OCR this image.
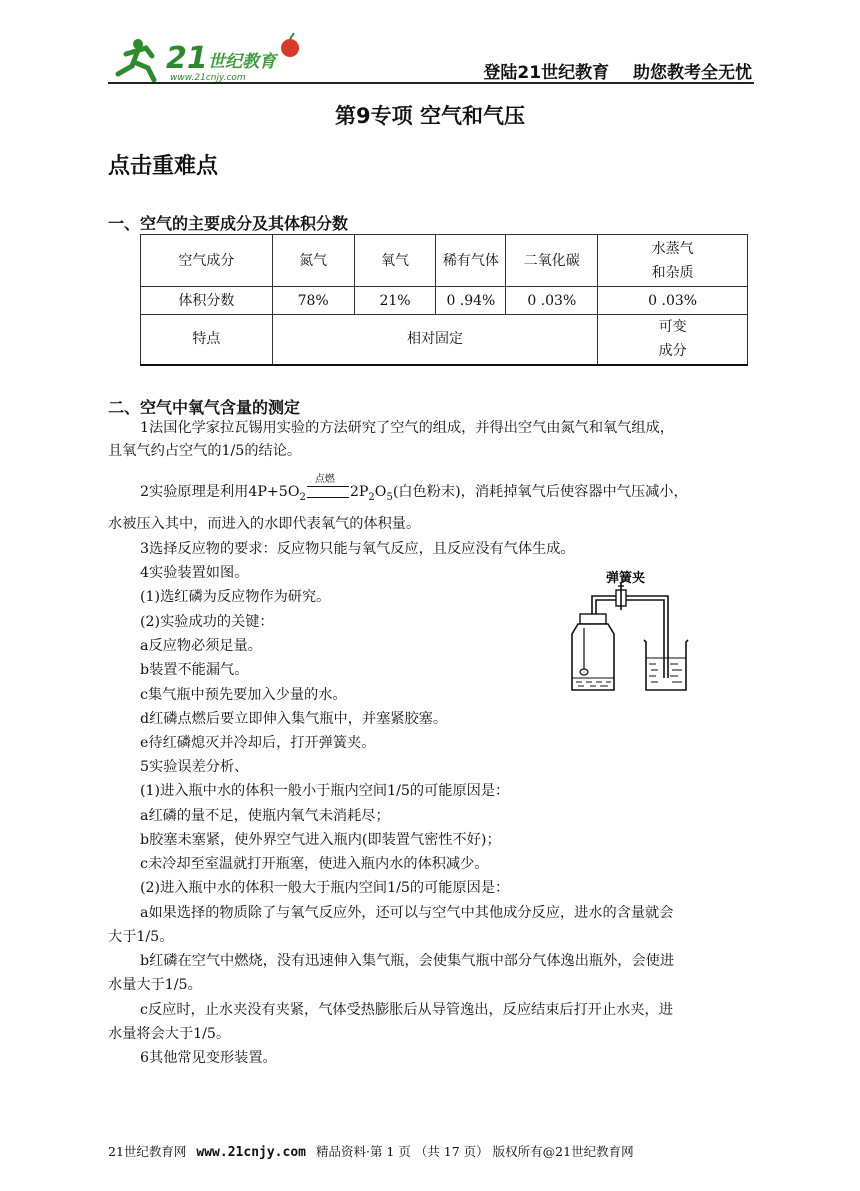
21 世纪教育
www.21cnjy.com	登陆21世纪教育 助您教考全无忧
第9专项 空气和气压
点击重难点
一、空气的主要成分及其体积分数
空气成分	氮气	氧气	稀有气体	二氧化碳	水蒸气
和杂质

体积分数	78%	21%	0 .94%	0 .03%	0 .03%
特点	相对固定				可变
成分
二、空气中氧气含量的测定
1法国化学家拉瓦锡用实验的方法研究了空气的组成，并得出空气由氮气和氧气组成，
且氧气约占空气的1/5的结论。
2实验原理是利用$4P+5O_2$
点燃
$2P_2O_5$(白色粉末)，消耗掉氧气后使容器中气压减小，
水被压入其中，而进入的水即代表氧气的体积量。
3选择反应物的要求：反应物只能与氧气反应，且反应没有气体生成。
4实验装置如图。
(1)选红磷为反应物作为研究。
(2)实验成功的关键：
a反应物必须足量。
b装置不能漏气。
c集气瓶中预先要加入少量的水。
d红磷点燃后要立即伸入集气瓶中，并塞紧胶塞。
e待红磷熄灭并冷却后，打开弹簧夹。
弹簧夹
5实验误差分析、
(1)进入瓶中水的体积一般小于瓶内空间1/5的可能原因是：
a红磷的量不足，使瓶内氧气未消耗尽；
b胶塞未塞紧，使外界空气进入瓶内(即装置气密性不好)；
c未冷却至室温就打开瓶塞，使进入瓶内水的体积减少。
(2)进入瓶中水的体积一般大于瓶内空间1/5的可能原因是：
a如果选择的物质除了与氧气反应外，还可以与空气中其他成分反应，进水的含量就会
大于1/5。
b红磷在空气中燃烧，没有迅速伸入集气瓶，会使集气瓶中部分气体逸出瓶外，会使进
水量大于1/5。
c反应时，止水夹没有夹紧，气体受热膨胀后从导管逸出，反应结束后打开止水夹，进
水量将会大于1/5。
6其他常见变形装置。
21世纪教育网 www.21cnjy.com 精品资料·第 1 页 （共 17 页） 版权所有@21世纪教育网
